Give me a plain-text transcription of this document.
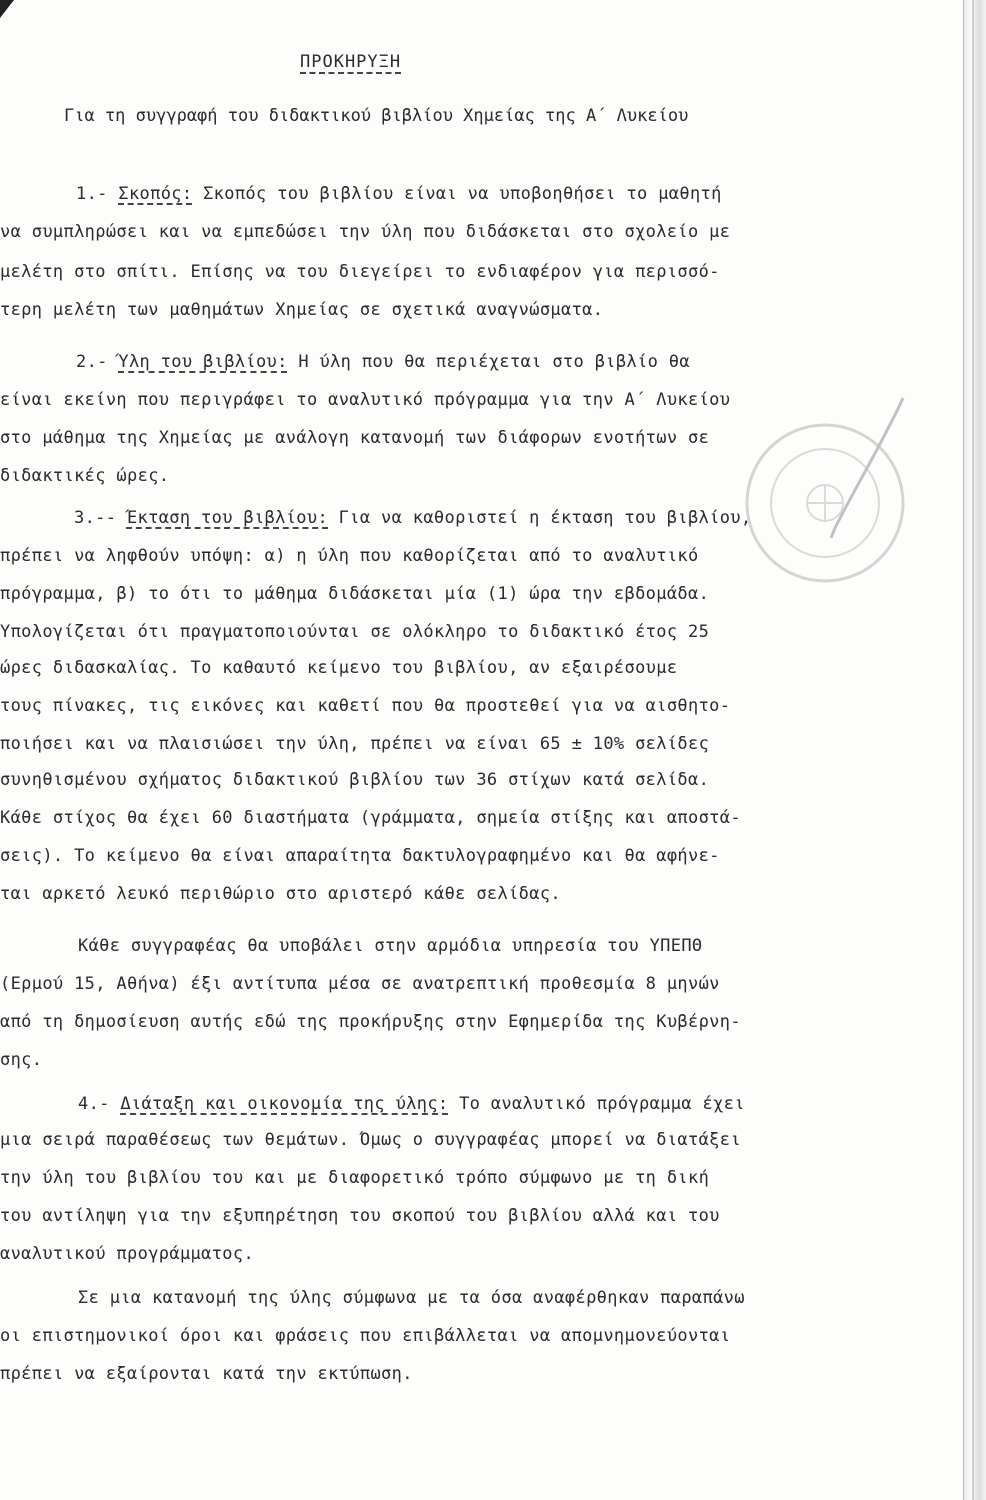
ΠΡΟΚΗΡΥΞΗ
Για τη συγγραφή του διδακτικού βιβλίου Χημείας της Α΄ Λυκείου
1.- Σκοπός: Σκοπός του βιβλίου είναι να υποβοηθήσει το μαθητή
να συμπληρώσει και να εμπεδώσει την ύλη που διδάσκεται στο σχολείο με
μελέτη στο σπίτι. Επίσης να του διεγείρει το ενδιαφέρον για περισσό-
τερη μελέτη των μαθημάτων Χημείας σε σχετικά αναγνώσματα.
2.- Ύλη του βιβλίου: Η ύλη που θα περιέχεται στο βιβλίο θα
είναι εκείνη που περιγράφει το αναλυτικό πρόγραμμα για την Α΄ Λυκείου
στο μάθημα της Χημείας με ανάλογη κατανομή των διάφορων ενοτήτων σε
διδακτικές ώρες.
3.-- Έκταση του βιβλίου: Για να καθοριστεί η έκταση του βιβλίου,
πρέπει να ληφθούν υπόψη: α) η ύλη που καθορίζεται από το αναλυτικό
πρόγραμμα, β) το ότι το μάθημα διδάσκεται μία (1) ώρα την εβδομάδα.
Υπολογίζεται ότι πραγματοποιούνται σε ολόκληρο το διδακτικό έτος 25
ώρες διδασκαλίας. Το καθαυτό κείμενο του βιβλίου, αν εξαιρέσουμε
τους πίνακες, τις εικόνες και καθετί που θα προστεθεί για να αισθητο-
ποιήσει και να πλαισιώσει την ύλη, πρέπει να είναι 65 ± 10% σελίδες
συνηθισμένου σχήματος διδακτικού βιβλίου των 36 στίχων κατά σελίδα.
Κάθε στίχος θα έχει 60 διαστήματα (γράμματα, σημεία στίξης και αποστά-
σεις). Το κείμενο θα είναι απαραίτητα δακτυλογραφημένο και θα αφήνε-
ται αρκετό λευκό περιθώριο στο αριστερό κάθε σελίδας.
Κάθε συγγραφέας θα υποβάλει στην αρμόδια υπηρεσία του ΥΠΕΠΘ
(Ερμού 15, Αθήνα) έξι αντίτυπα μέσα σε ανατρεπτική προθεσμία 8 μηνών
από τη δημοσίευση αυτής εδώ της προκήρυξης στην Εφημερίδα της Κυβέρνη-
σης.
4.- Διάταξη και οικονομία της ύλης: Το αναλυτικό πρόγραμμα έχει
μια σειρά παραθέσεως των θεμάτων. Όμως ο συγγραφέας μπορεί να διατάξει
την ύλη του βιβλίου του και με διαφορετικό τρόπο σύμφωνο με τη δική
του αντίληψη για την εξυπηρέτηση του σκοπού του βιβλίου αλλά και του
αναλυτικού προγράμματος.
Σε μια κατανομή της ύλης σύμφωνα με τα όσα αναφέρθηκαν παραπάνω
οι επιστημονικοί όροι και φράσεις που επιβάλλεται να απομνημονεύονται
πρέπει να εξαίρονται κατά την εκτύπωση.
